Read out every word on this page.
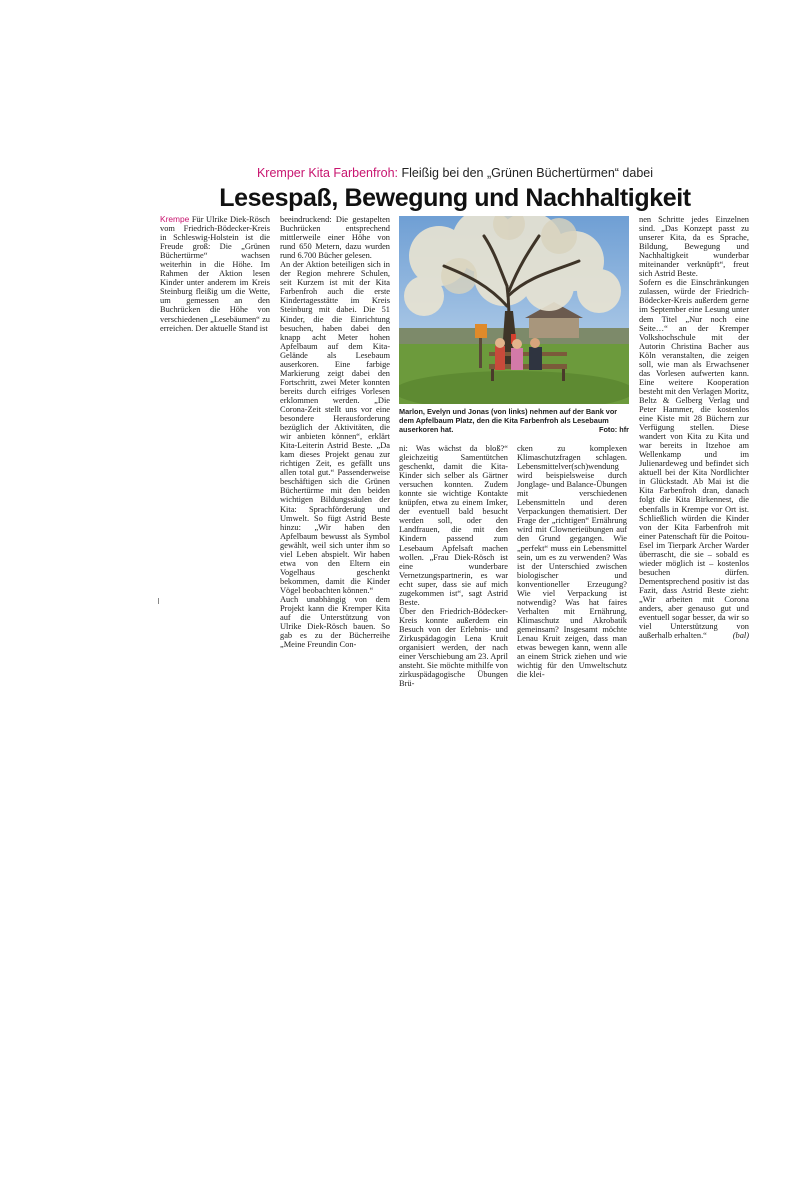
Kremper Kita Farbenfroh: Fleißig bei den „Grünen Büchertürmen“ dabei
Lesespaß, Bewegung und Nachhaltigkeit

Krempe Für Ulrike Diek-Rösch vom Friedrich-Bödecker-Kreis in Schleswig-Holstein ist die Freude groß: Die „Grünen Büchertürme“ wachsen weiterhin in die Höhe. Im Rahmen der Aktion lesen Kinder unter anderem im Kreis Steinburg fleißig um die Wette, um gemessen an den Buchrücken die Höhe von verschiedenen „Lesebäumen“ zu erreichen. Der aktuelle Stand ist

beeindruckend: Die gestapelten Buchrücken entsprechend mittlerweile einer Höhe von rund 650 Metern, dazu wurden rund 6.700 Bücher gelesen.

An der Aktion beteiligen sich in der Region mehrere Schulen, seit Kurzem ist mit der Kita Farbenfroh auch die erste Kindertagesstätte im Kreis Steinburg mit dabei. Die 51 Kinder, die die Einrichtung besuchen, haben dabei den knapp acht Meter hohen Apfelbaum auf dem Kita-Gelände als Lesebaum auserkoren. Eine farbige Markierung zeigt dabei den Fortschritt, zwei Meter konnten bereits durch eifriges Vorlesen erklommen werden. „Die Corona-Zeit stellt uns vor eine besondere Herausforderung bezüglich der Aktivitäten, die wir anbieten können“, erklärt Kita-Leiterin Astrid Beste. „Da kam dieses Projekt genau zur richtigen Zeit, es gefällt uns allen total gut.“ Passenderweise beschäftigen sich die Grünen Büchertürme mit den beiden wichtigen Bildungssäulen der Kita: Sprachförderung und Umwelt. So fügt Astrid Beste hinzu: „Wir haben den Apfelbaum bewusst als Symbol gewählt, weil sich unter ihm so viel Leben abspielt. Wir haben etwa von den Eltern ein Vogelhaus geschenkt bekommen, damit die Kinder Vögel beobachten können.“

Auch unabhängig von dem Projekt kann die Kremper Kita auf die Unterstützung von Ulrike Diek-Rösch bauen. So gab es zu der Bücherreihe „Meine Freundin Con-

Marlon, Evelyn und Jonas (von links) nehmen auf der Bank vor dem Apfelbaum Platz, den die Kita Farbenfroh als Lesebaum auserkoren hat.	Foto: hfr

ni: Was wächst da bloß?“ gleichzeitig Samentütchen geschenkt, damit die Kita-Kinder sich selber als Gärtner versuchen konnten. Zudem konnte sie wichtige Kontakte knüpfen, etwa zu einem Imker, der eventuell bald besucht werden soll, oder den Landfrauen, die mit den Kindern passend zum Lesebaum Apfelsaft machen wollen. „Frau Diek-Rösch ist eine wunderbare Vernetzungspartnerin, es war echt super, dass sie auf mich zugekommen ist“, sagt Astrid Beste.

Über den Friedrich-Bödecker-Kreis konnte außerdem ein Besuch von der Erlebnis- und Zirkuspädagogin Lena Kruit organisiert werden, der nach einer Verschiebung am 23. April ansteht. Sie möchte mithilfe von zirkuspädagogische Übungen Brü-

cken zu komplexen Klimaschutzfragen schlagen. Lebensmittelver(sch)wendung wird beispielsweise durch Jonglage- und Balance-Übungen mit verschiedenen Lebensmitteln und deren Verpackungen thematisiert. Der Frage der „richtigen“ Ernährung wird mit Clownerieübungen auf den Grund gegangen. Wie „perfekt“ muss ein Lebensmittel sein, um es zu verwenden? Was ist der Unterschied zwischen biologischer und konventioneller Erzeugung? Wie viel Verpackung ist notwendig? Was hat faires Verhalten mit Ernährung, Klimaschutz und Akrobatik gemeinsam? Insgesamt möchte Lenau Kruit zeigen, dass man etwas bewegen kann, wenn alle an einem Strick ziehen und wie wichtig für den Umweltschutz die klei-

nen Schritte jedes Einzelnen sind. „Das Konzept passt zu unserer Kita, da es Sprache, Bildung, Bewegung und Nachhaltigkeit wunderbar miteinander verknüpft“, freut sich Astrid Beste.

Sofern es die Einschränkungen zulassen, würde der Friedrich-Bödecker-Kreis außerdem gerne im September eine Lesung unter dem Titel „Nur noch eine Seite…“ an der Kremper Volkshochschule mit der Autorin Christina Bacher aus Köln veranstalten, die zeigen soll, wie man als Erwachsener das Vorlesen aufwerten kann. Eine weitere Kooperation besteht mit den Verlagen Moritz, Beltz & Gelberg Verlag und Peter Hammer, die kostenlos eine Kiste mit 28 Büchern zur Verfügung stellen. Diese wandert von Kita zu Kita und war bereits in Itzehoe am Wellenkamp und im Julienardeweg und befindet sich aktuell bei der Kita Nordlichter in Glückstadt. Ab Mai ist die Kita Farbenfroh dran, danach folgt die Kita Birkennest, die ebenfalls in Krempe vor Ort ist. Schließlich würden die Kinder von der Kita Farbenfroh mit einer Patenschaft für die Poitou-Esel im Tierpark Archer Warder überrascht, die sie – sobald es wieder möglich ist – kostenlos besuchen dürfen. Dementsprechend positiv ist das Fazit, dass Astrid Beste zieht: „Wir arbeiten mit Corona anders, aber genauso gut und eventuell sogar besser, da wir so viel Unterstützung von außerhalb erhalten.“	(bal)
